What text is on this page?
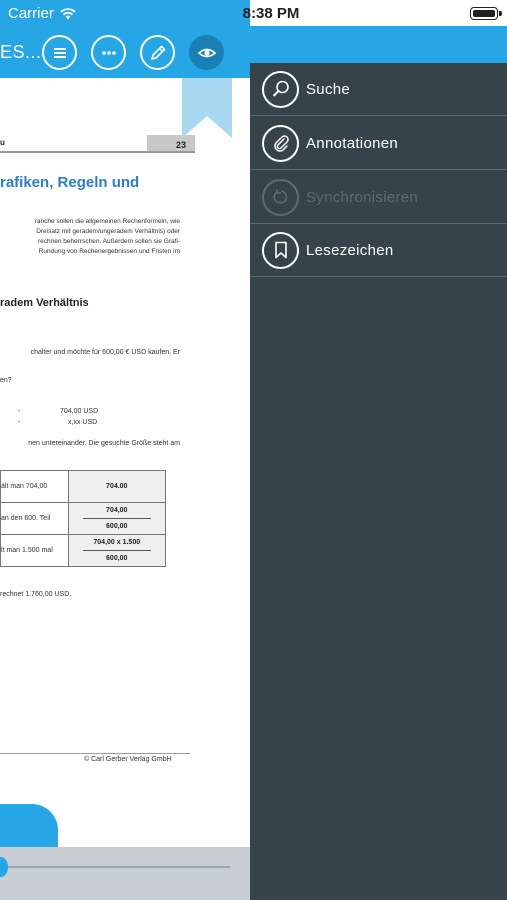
Carrier
ES...
u	23
rafiken, Regeln und
ranche sollen die allgemeinen Rechenformeln, wie
Dreisatz mit geradem/ungeradem Verhältnis) oder
rechnen beherrschen. Außerdem sollen sie Grafi-
Rundung von Rechenergebnissen und Fristen im
radem Verhältnis
chalter und möchte für 600,00 € USD kaufen. Er
en?
-	704,00 USD
-	x,xx USD
nen untereinander. Die gesuchte Größe steht am
ält man 704,00	704.00
an den 600. Teil	704,00
600,00
lt man 1.500 mal	704,00 x 1.500
600,00
rechnet 1.760,00 USD.
© Carl Gerber Verlag GmbH
8:38 PM
Suche
Annotationen
Synchronisieren
Lesezeichen
